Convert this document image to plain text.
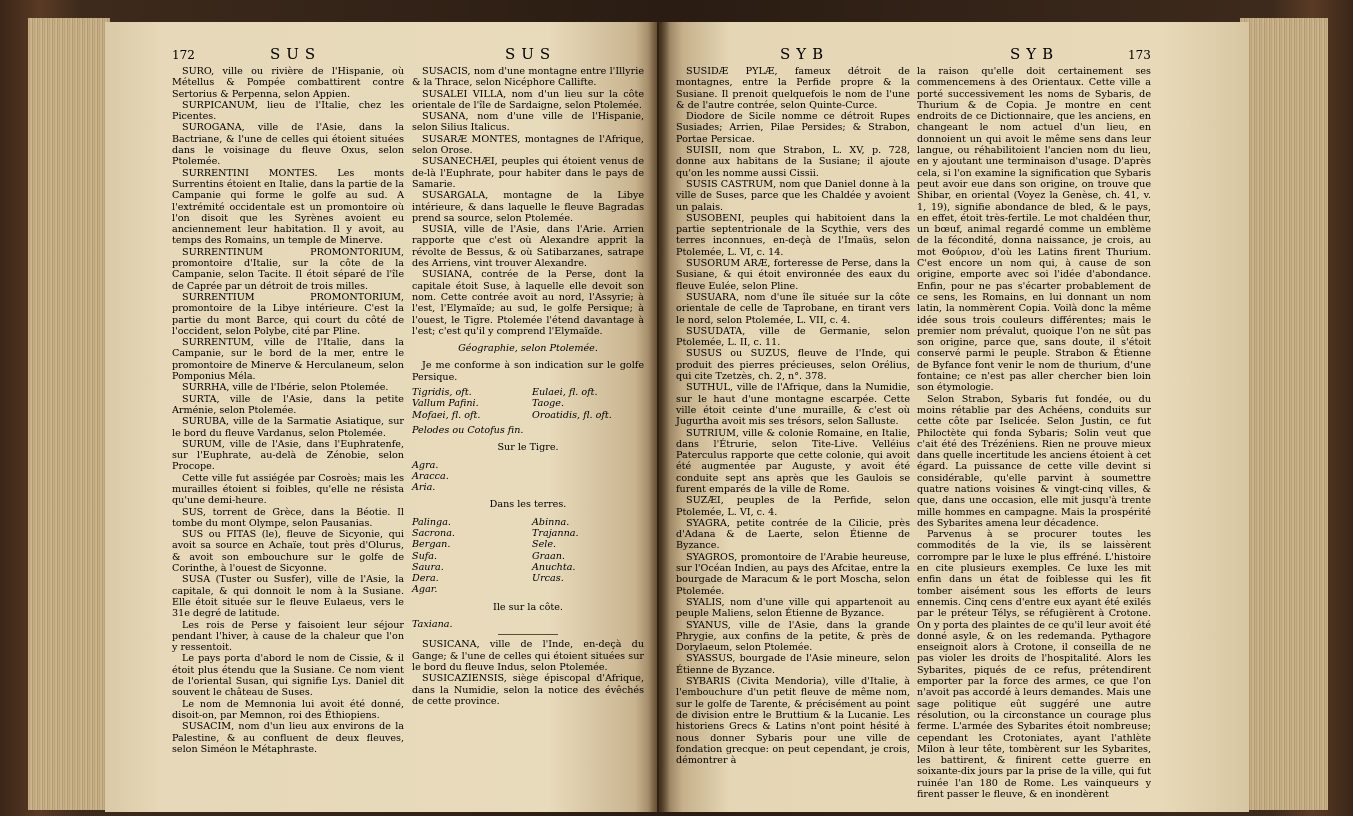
172	SUS	SUS	SYB	SYB	173

SURO, ville ou rivière de l'Hispanie, où Métellus & Pompée combattirent contre Sertorius & Perpenna, selon Appien.

SURPICANUM, lieu de l'Italie, chez les Picentes.

SUROGANA, ville de l'Asie, dans la Bactriane, & l'une de celles qui étoient situées dans le voisinage du fleuve Oxus, selon Ptolemée.

SURRENTINI MONTES. Les monts Surrentins étoient en Italie, dans la partie de la Campanie qui forme le golfe au sud. A l'extrémité occidentale est un promontoire où l'on disoit que les Syrènes avoient eu anciennement leur habitation. Il y avoit, au temps des Romains, un temple de Minerve.

SURRENTINUM PROMONTORIUM, promontoire d'Italie, sur la côte de la Campanie, selon Tacite. Il étoit séparé de l'île de Caprée par un détroit de trois milles.

SURRENTIUM PROMONTORIUM, promontoire de la Libye intérieure. C'est la partie du mont Barce, qui court du côté de l'occident, selon Polybe, cité par Pline.

SURRENTUM, ville de l'Italie, dans la Campanie, sur le bord de la mer, entre le promontoire de Minerve & Herculaneum, selon Pomponius Méla.

SURRHA, ville de l'Ibérie, selon Ptolemée.

SURTA, ville de l'Asie, dans la petite Arménie, selon Ptolemée.

SURUBA, ville de la Sarmatie Asiatique, sur le bord du fleuve Vardanus, selon Ptolemée.

SURUM, ville de l'Asie, dans l'Euphratenfe, sur l'Euphrate, au-delà de Zénobie, selon Procope.

Cette ville fut assiégée par Cosroès; mais les murailles étoient si foibles, qu'elle ne résista qu'une demi-heure.

SUS, torrent de Grèce, dans la Béotie. Il tombe du mont Olympe, selon Pausanias.

SUS ou FITAS (le), fleuve de Sicyonie, qui avoit sa source en Achaïe, tout près d'Olurus, & avoit son embouchure sur le golfe de Corinthe, à l'ouest de Sicyonne.

SUSA (Tuster ou Susfer), ville de l'Asie, la capitale, & qui donnoit le nom à la Susiane. Elle étoit située sur le fleuve Eulaeus, vers le 31e degré de latitude.

Les rois de Perse y faisoient leur séjour pendant l'hiver, à cause de la chaleur que l'on y ressentoit.

Le pays porta d'abord le nom de Cissie, & il étoit plus étendu que la Susiane. Ce nom vient de l'oriental Susan, qui signifie Lys. Daniel dit souvent le château de Suses.

Le nom de Memnonia lui avoit été donné, disoit-on, par Memnon, roi des Éthiopiens.

SUSACIM, nom d'un lieu aux environs de la Palestine, & au confluent de deux fleuves, selon Siméon le Métaphraste.

SUSACIS, nom d'une montagne entre l'Illyrie & la Thrace, selon Nicéphore Callifte.

SUSALEI VILLA, nom d'un lieu sur la côte orientale de l'île de Sardaigne, selon Ptolemée.

SUSANA, nom d'une ville de l'Hispanie, selon Silius Italicus.

SUSARÆ MONTES, montagnes de l'Afrique, selon Orose.

SUSANECHÆI, peuples qui étoient venus de de-là l'Euphrate, pour habiter dans le pays de Samarie.

SUSARGALA, montagne de la Libye intérieure, & dans laquelle le fleuve Bagradas prend sa source, selon Ptolemée.

SUSIA, ville de l'Asie, dans l'Arie. Arrien rapporte que c'est où Alexandre apprit la révolte de Bessus, & où Satibarzanes, satrape des Arriens, vint trouver Alexandre.

SUSIANA, contrée de la Perse, dont la capitale étoit Suse, à laquelle elle devoit son nom. Cette contrée avoit au nord, l'Assyrie; à l'est, l'Elymaïde; au sud, le golfe Persique; à l'ouest, le Tigre. Ptolemée l'étend davantage à l'est; c'est qu'il y comprend l'Elymaïde.

Géographie, selon Ptolemée.

Je me conforme à son indication sur le golfe Persique.

Tigridis, oft.	Eulaei, fl. oft.
Vallum Pafini.	Taoge.
Mofaei, fl. oft.	Oroatidis, fl. oft.
Pelodes ou Cotofus fin.

Sur le Tigre.

Agra.
Aracca.
Aria.

Dans les terres.

Palinga.	Abinna.
Sacrona.	Trajanna.
Bergan.	Sele.
Sufa.	Graan.
Saura.	Anuchta.
Dera.	Urcas.
Agar.

Ile sur la côte.

Taxiana.

SUSICANA, ville de l'Inde, en-deçà du Gange; & l'une de celles qui étoient situées sur le bord du fleuve Indus, selon Ptolemée.

SUSICAZIENSIS, siège épiscopal d'Afrique, dans la Numidie, selon la notice des évêchés de cette province.

SUSIDÆ PYLÆ, fameux détroit de montagnes, entre la Perfide propre & la Susiane. Il prenoit quelquefois le nom de l'une & de l'autre contrée, selon Quinte-Curce.

Diodore de Sicile nomme ce détroit Rupes Susiades; Arrien, Pilae Persides; & Strabon, Portae Persicae.

SUISII, nom que Strabon, L. XV, p. 728, donne aux habitans de la Susiane; il ajoute qu'on les nomme aussi Cissii.

SUSIS CASTRUM, nom que Daniel donne à la ville de Suses, parce que les Chaldée y avoient un palais.

SUSOBENI, peuples qui habitoient dans la partie septentrionale de la Scythie, vers des terres inconnues, en-deçà de l'Imaüs, selon Ptolemée, L. VI, c. 14.

SUSORUM ARÆ, forteresse de Perse, dans la Susiane, & qui étoit environnée des eaux du fleuve Eulée, selon Pline.

SUSUARA, nom d'une île située sur la côte orientale de celle de Taprobane, en tirant vers le nord, selon Ptolemée, L. VII, c. 4.

SUSUDATA, ville de Germanie, selon Ptolemée, L. II, c. 11.

SUSUS ou SUZUS, fleuve de l'Inde, qui produit des pierres précieuses, selon Orélius, qui cite Tzetzès, ch. 2, n°. 378.

SUTHUL, ville de l'Afrique, dans la Numidie, sur le haut d'une montagne escarpée. Cette ville étoit ceinte d'une muraille, & c'est où Jugurtha avoit mis ses trésors, selon Salluste.

SUTRIUM, ville & colonie Romaine, en Italie, dans l'Étrurie, selon Tite-Live. Velléius Paterculus rapporte que cette colonie, qui avoit été augmentée par Auguste, y avoit été conduite sept ans après que les Gaulois se furent emparés de la ville de Rome.

SUZÆI, peuples de la Perfide, selon Ptolemée, L. VI, c. 4.

SYAGRA, petite contrée de la Cilicie, près d'Adana & de Laerte, selon Étienne de Byzance.

SYAGROS, promontoire de l'Arabie heureuse, sur l'Océan Indien, au pays des Afcitae, entre la bourgade de Maracum & le port Moscha, selon Ptolemée.

SYALIS, nom d'une ville qui appartenoit au peuple Maliens, selon Étienne de Byzance.

SYANUS, ville de l'Asie, dans la grande Phrygie, aux confins de la petite, & près de Dorylaeum, selon Ptolemée.

SYASSUS, bourgade de l'Asie mineure, selon Étienne de Byzance.

SYBARIS (Civita Mendoria), ville d'Italie, à l'embouchure d'un petit fleuve de même nom, sur le golfe de Tarente, & précisément au point de division entre le Bruttium & la Lucanie. Les historiens Grecs & Latins n'ont point hésité à nous donner Sybaris pour une ville de fondation grecque: on peut cependant, je crois, démontrer à

la raison qu'elle doit certainement ses commencemens à des Orientaux. Cette ville a porté successivement les noms de Sybaris, de Thurium & de Copia. Je montre en cent endroits de ce Dictionnaire, que les anciens, en changeant le nom actuel d'un lieu, en donnoient un qui avoit le même sens dans leur langue, ou réhabilitoient l'ancien nom du lieu, en y ajoutant une terminaison d'usage. D'après cela, si l'on examine la signification que Sybaris peut avoir eue dans son origine, on trouve que Shibar, en oriental (Voyez la Genèse, ch. 41, v. 1, 19), signifie abondance de bled, & le pays, en effet, étoit très-fertile. Le mot chaldéen thur, un bœuf, animal regardé comme un emblème de la fécondité, donna naissance, je crois, au mot Θούριον, d'où les Latins firent Thurium. C'est encore un nom qui, à cause de son origine, emporte avec soi l'idée d'abondance. Enfin, pour ne pas s'écarter probablement de ce sens, les Romains, en lui donnant un nom latin, la nommèrent Copia. Voilà donc la même idée sous trois couleurs différentes; mais le premier nom prévalut, quoique l'on ne sût pas son origine, parce que, sans doute, il s'étoit conservé parmi le peuple. Strabon & Étienne de Byfance font venir le nom de thurium, d'une fontaine; ce n'est pas aller chercher bien loin son étymologie.

Selon Strabon, Sybaris fut fondée, ou du moins rétablie par des Achéens, conduits sur cette côte par Iselicée. Selon Justin, ce fut Philoctète qui fonda Sybaris; Solin veut que c'ait été des Trézéniens. Rien ne prouve mieux dans quelle incertitude les anciens étoient à cet égard. La puissance de cette ville devint si considérable, qu'elle parvint à soumettre quatre nations voisines & vingt-cinq villes, & que, dans une occasion, elle mit jusqu'à trente mille hommes en campagne. Mais la prospérité des Sybarites amena leur décadence.

Parvenus à se procurer toutes les commodités de la vie, ils se laissèrent corrompre par le luxe le plus effréné. L'histoire en cite plusieurs exemples. Ce luxe les mit enfin dans un état de foiblesse qui les fit tomber aisément sous les efforts de leurs ennemis. Cinq cens d'entre eux ayant été exilés par le préteur Télys, se réfugièrent à Crotone. On y porta des plaintes de ce qu'il leur avoit été donné asyle, & on les redemanda. Pythagore enseignoit alors à Crotone, il conseilla de ne pas violer les droits de l'hospitalité. Alors les Sybarites, piqués de ce refus, prétendirent emporter par la force des armes, ce que l'on n'avoit pas accordé à leurs demandes. Mais une sage politique eût suggéré une autre résolution, ou la circonstance un courage plus ferme. L'armée des Sybarites étoit nombreuse; cependant les Crotoniates, ayant l'athlète Milon à leur tête, tombèrent sur les Sybarites, les battirent, & finirent cette guerre en soixante-dix jours par la prise de la ville, qui fut ruinée l'an 180 de Rome. Les vainqueurs y firent passer le fleuve, & en inondèrent
